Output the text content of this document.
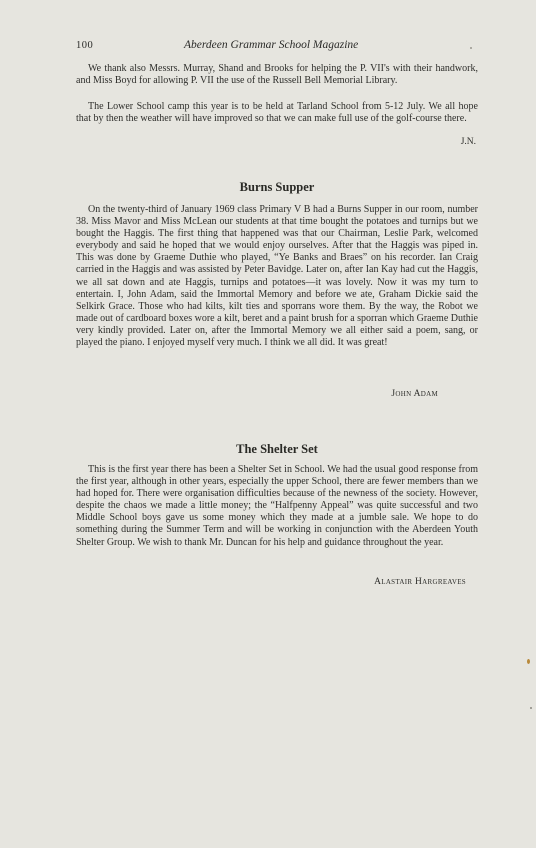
100	Aberdeen Grammar School Magazine

We thank also Messrs. Murray, Shand and Brooks for helping the P. VII's with their handwork, and Miss Boyd for allowing P. VII the use of the Russell Bell Memorial Library.

The Lower School camp this year is to be held at Tarland School from 5-12 July. We all hope that by then the weather will have improved so that we can make full use of the golf-course there.

J.N.
Burns Supper

On the twenty-third of January 1969 class Primary V B had a Burns Supper in our room, number 38. Miss Mavor and Miss McLean our students at that time bought the potatoes and turnips but we bought the Haggis. The first thing that happened was that our Chairman, Leslie Park, welcomed everybody and said he hoped that we would enjoy ourselves. After that the Haggis was piped in. This was done by Graeme Duthie who played, “Ye Banks and Braes” on his recorder. Ian Craig carried in the Haggis and was assisted by Peter Bavidge. Later on, after Ian Kay had cut the Haggis, we all sat down and ate Haggis, turnips and potatoes—it was lovely. Now it was my turn to entertain. I, John Adam, said the Immortal Memory and before we ate, Graham Dickie said the Selkirk Grace. Those who had kilts, kilt ties and sporrans wore them. By the way, the Robot we made out of cardboard boxes wore a kilt, beret and a paint brush for a sporran which Graeme Duthie very kindly provided. Later on, after the Immortal Memory we all either said a poem, sang, or played the piano. I enjoyed myself very much. I think we all did. It was great!

John Adam
The Shelter Set

This is the first year there has been a Shelter Set in School. We had the usual good response from the first year, although in other years, especially the upper School, there are fewer members than we had hoped for. There were organisation difficulties because of the newness of the society. However, despite the chaos we made a little money; the “Halfpenny Appeal” was quite successful and two Middle School boys gave us some money which they made at a jumble sale. We hope to do something during the Summer Term and will be working in conjunction with the Aberdeen Youth Shelter Group. We wish to thank Mr. Duncan for his help and guidance throughout the year.

Alastair Hargreaves
